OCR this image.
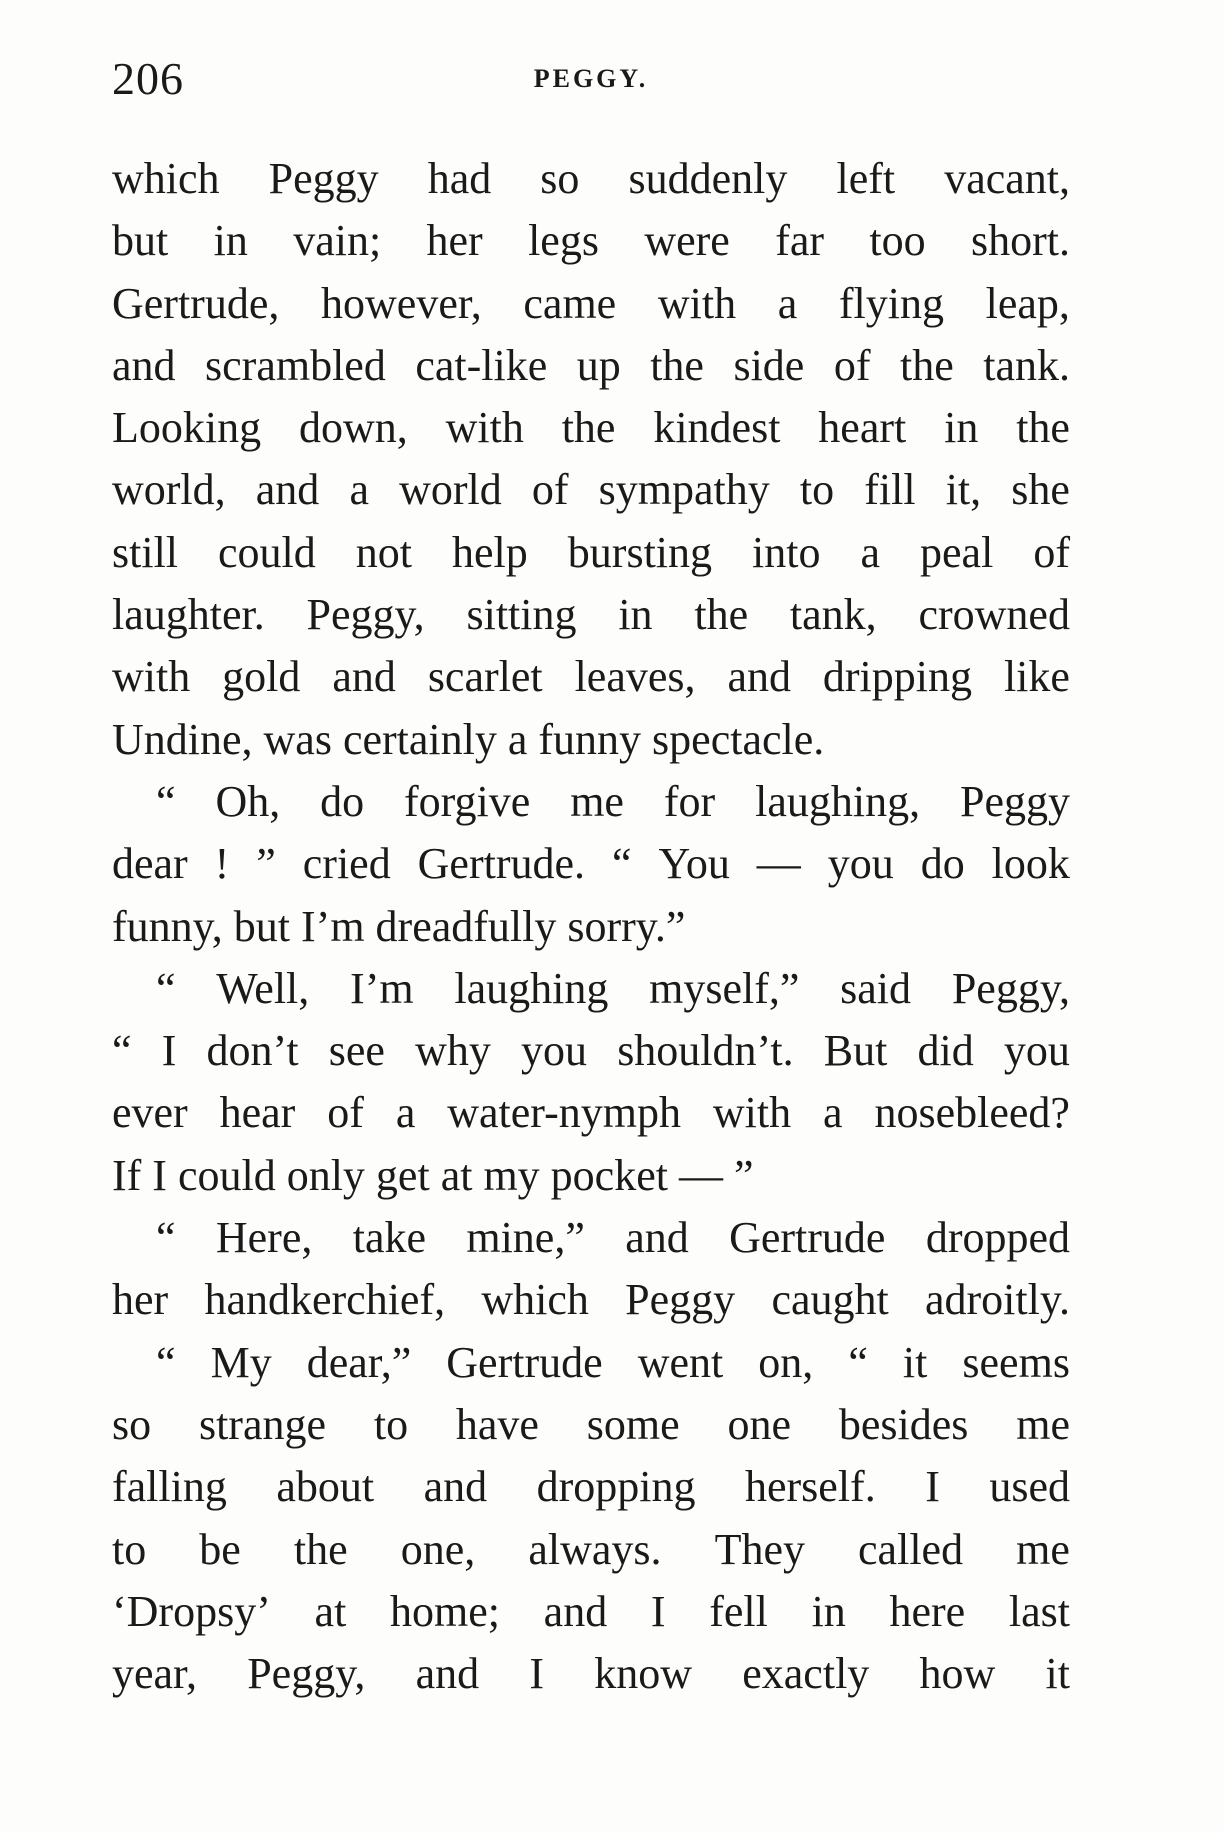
206	PEGGY.

which Peggy had so suddenly left vacant,
but in vain; her legs were far too short.
Gertrude, however, came with a flying leap,
and scrambled cat-like up the side of the tank.
Looking down, with the kindest heart in the
world, and a world of sympathy to fill it, she
still could not help bursting into a peal of
laughter. Peggy, sitting in the tank, crowned
with gold and scarlet leaves, and dripping like
Undine, was certainly a funny spectacle.

“ Oh, do forgive me for laughing, Peggy
dear ! ” cried Gertrude. “ You — you do look
funny, but I’m dreadfully sorry.”

“ Well, I’m laughing myself,” said Peggy,
“ I don’t see why you shouldn’t. But did you
ever hear of a water-nymph with a nosebleed?
If I could only get at my pocket — ”

“ Here, take mine,” and Gertrude dropped
her handkerchief, which Peggy caught adroitly.

“ My dear,” Gertrude went on, “ it seems
so strange to have some one besides me
falling about and dropping herself. I used
to be the one, always. They called me
‘Dropsy’ at home; and I fell in here last
year, Peggy, and I know exactly how it
